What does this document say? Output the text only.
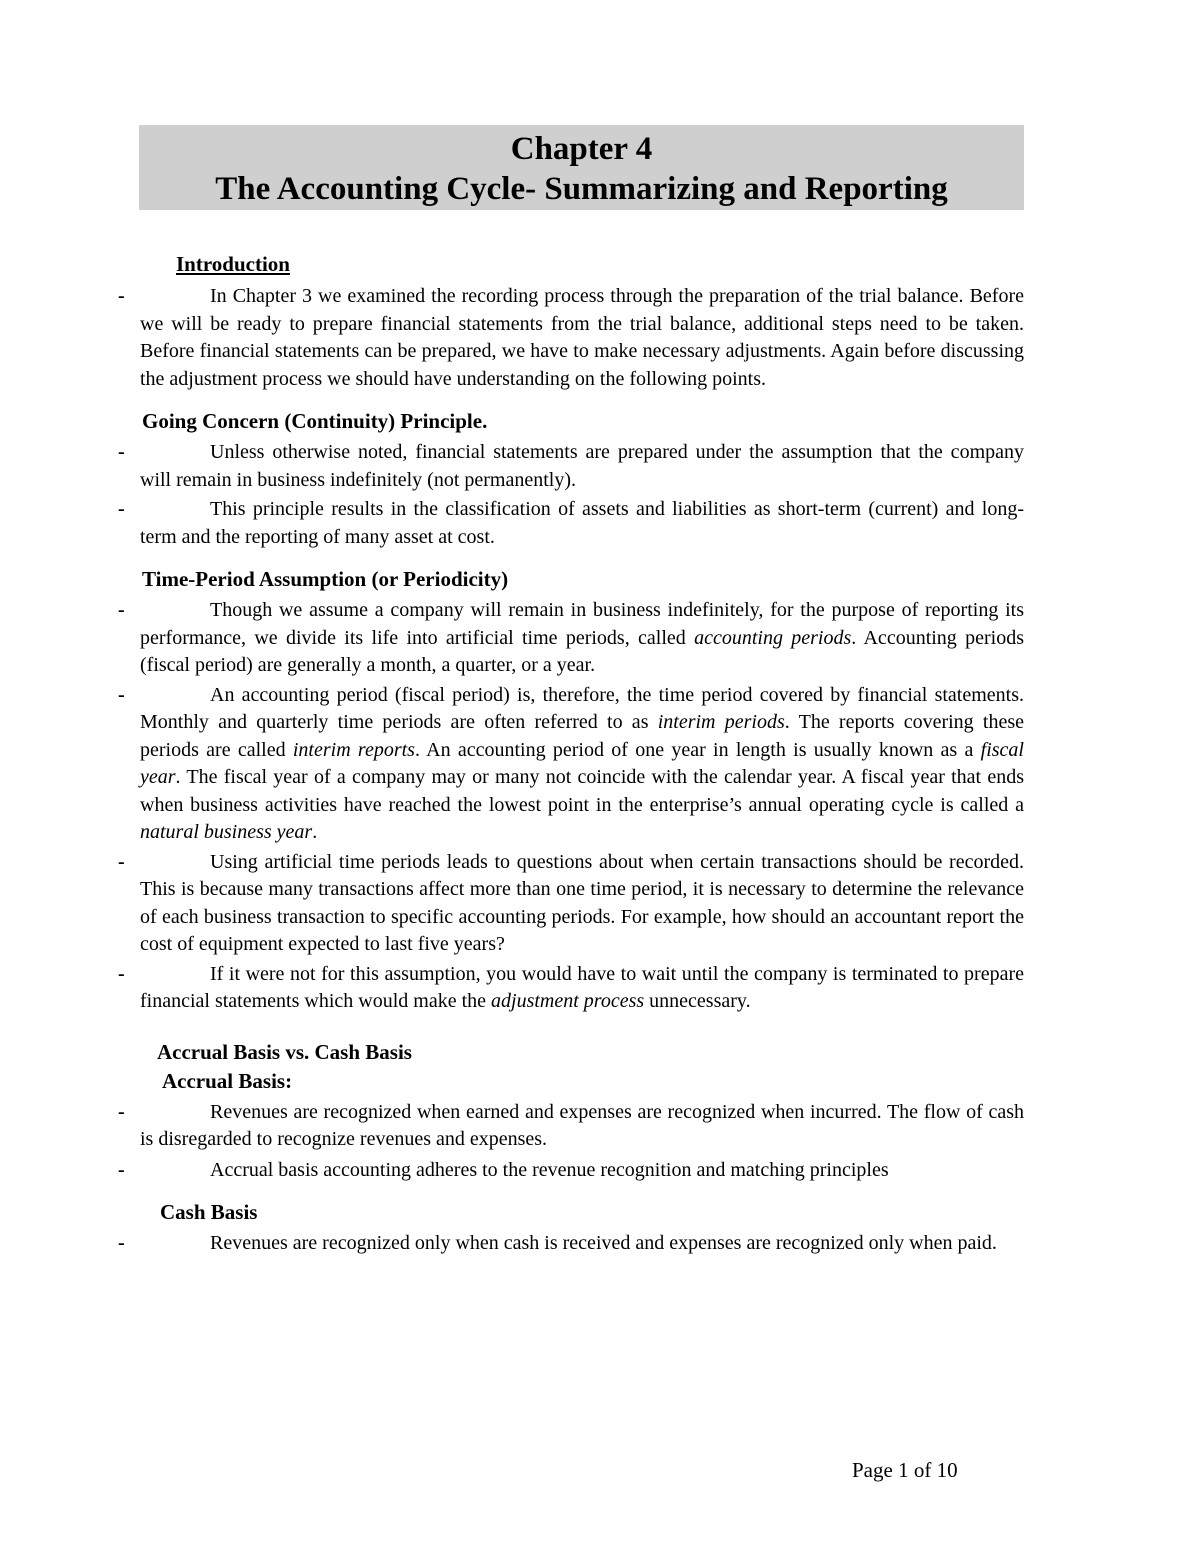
Chapter 4
The Accounting Cycle- Summarizing and Reporting
Introduction
-	In Chapter 3 we examined the recording process through the preparation of the trial balance. Before we will be ready to prepare financial statements from the trial balance, additional steps need to be taken. Before financial statements can be prepared, we have to make necessary adjustments. Again before discussing the adjustment process we should have understanding on the following points.
Going Concern (Continuity) Principle.
-	Unless otherwise noted, financial statements are prepared under the assumption that the company will remain in business indefinitely (not permanently).
-	This principle results in the classification of assets and liabilities as short-term (current) and long-term and the reporting of many asset at cost.
Time-Period Assumption (or Periodicity)
-	Though we assume a company will remain in business indefinitely, for the purpose of reporting its performance, we divide its life into artificial time periods, called accounting periods. Accounting periods (fiscal period) are generally a month, a quarter, or a year.
-	An accounting period (fiscal period) is, therefore, the time period covered by financial statements. Monthly and quarterly time periods are often referred to as interim periods. The reports covering these periods are called interim reports. An accounting period of one year in length is usually known as a fiscal year. The fiscal year of a company may or many not coincide with the calendar year. A fiscal year that ends when business activities have reached the lowest point in the enterprise’s annual operating cycle is called a natural business year.
-	Using artificial time periods leads to questions about when certain transactions should be recorded. This is because many transactions affect more than one time period, it is necessary to determine the relevance of each business transaction to specific accounting periods. For example, how should an accountant report the cost of equipment expected to last five years?
-	If it were not for this assumption, you would have to wait until the company is terminated to prepare financial statements which would make the adjustment process unnecessary.
Accrual Basis vs. Cash Basis
Accrual Basis:
-	Revenues are recognized when earned and expenses are recognized when incurred. The flow of cash is disregarded to recognize revenues and expenses.
-	Accrual basis accounting adheres to the revenue recognition and matching principles
Cash Basis
-	Revenues are recognized only when cash is received and expenses are recognized only when paid.
Page 1 of 10
